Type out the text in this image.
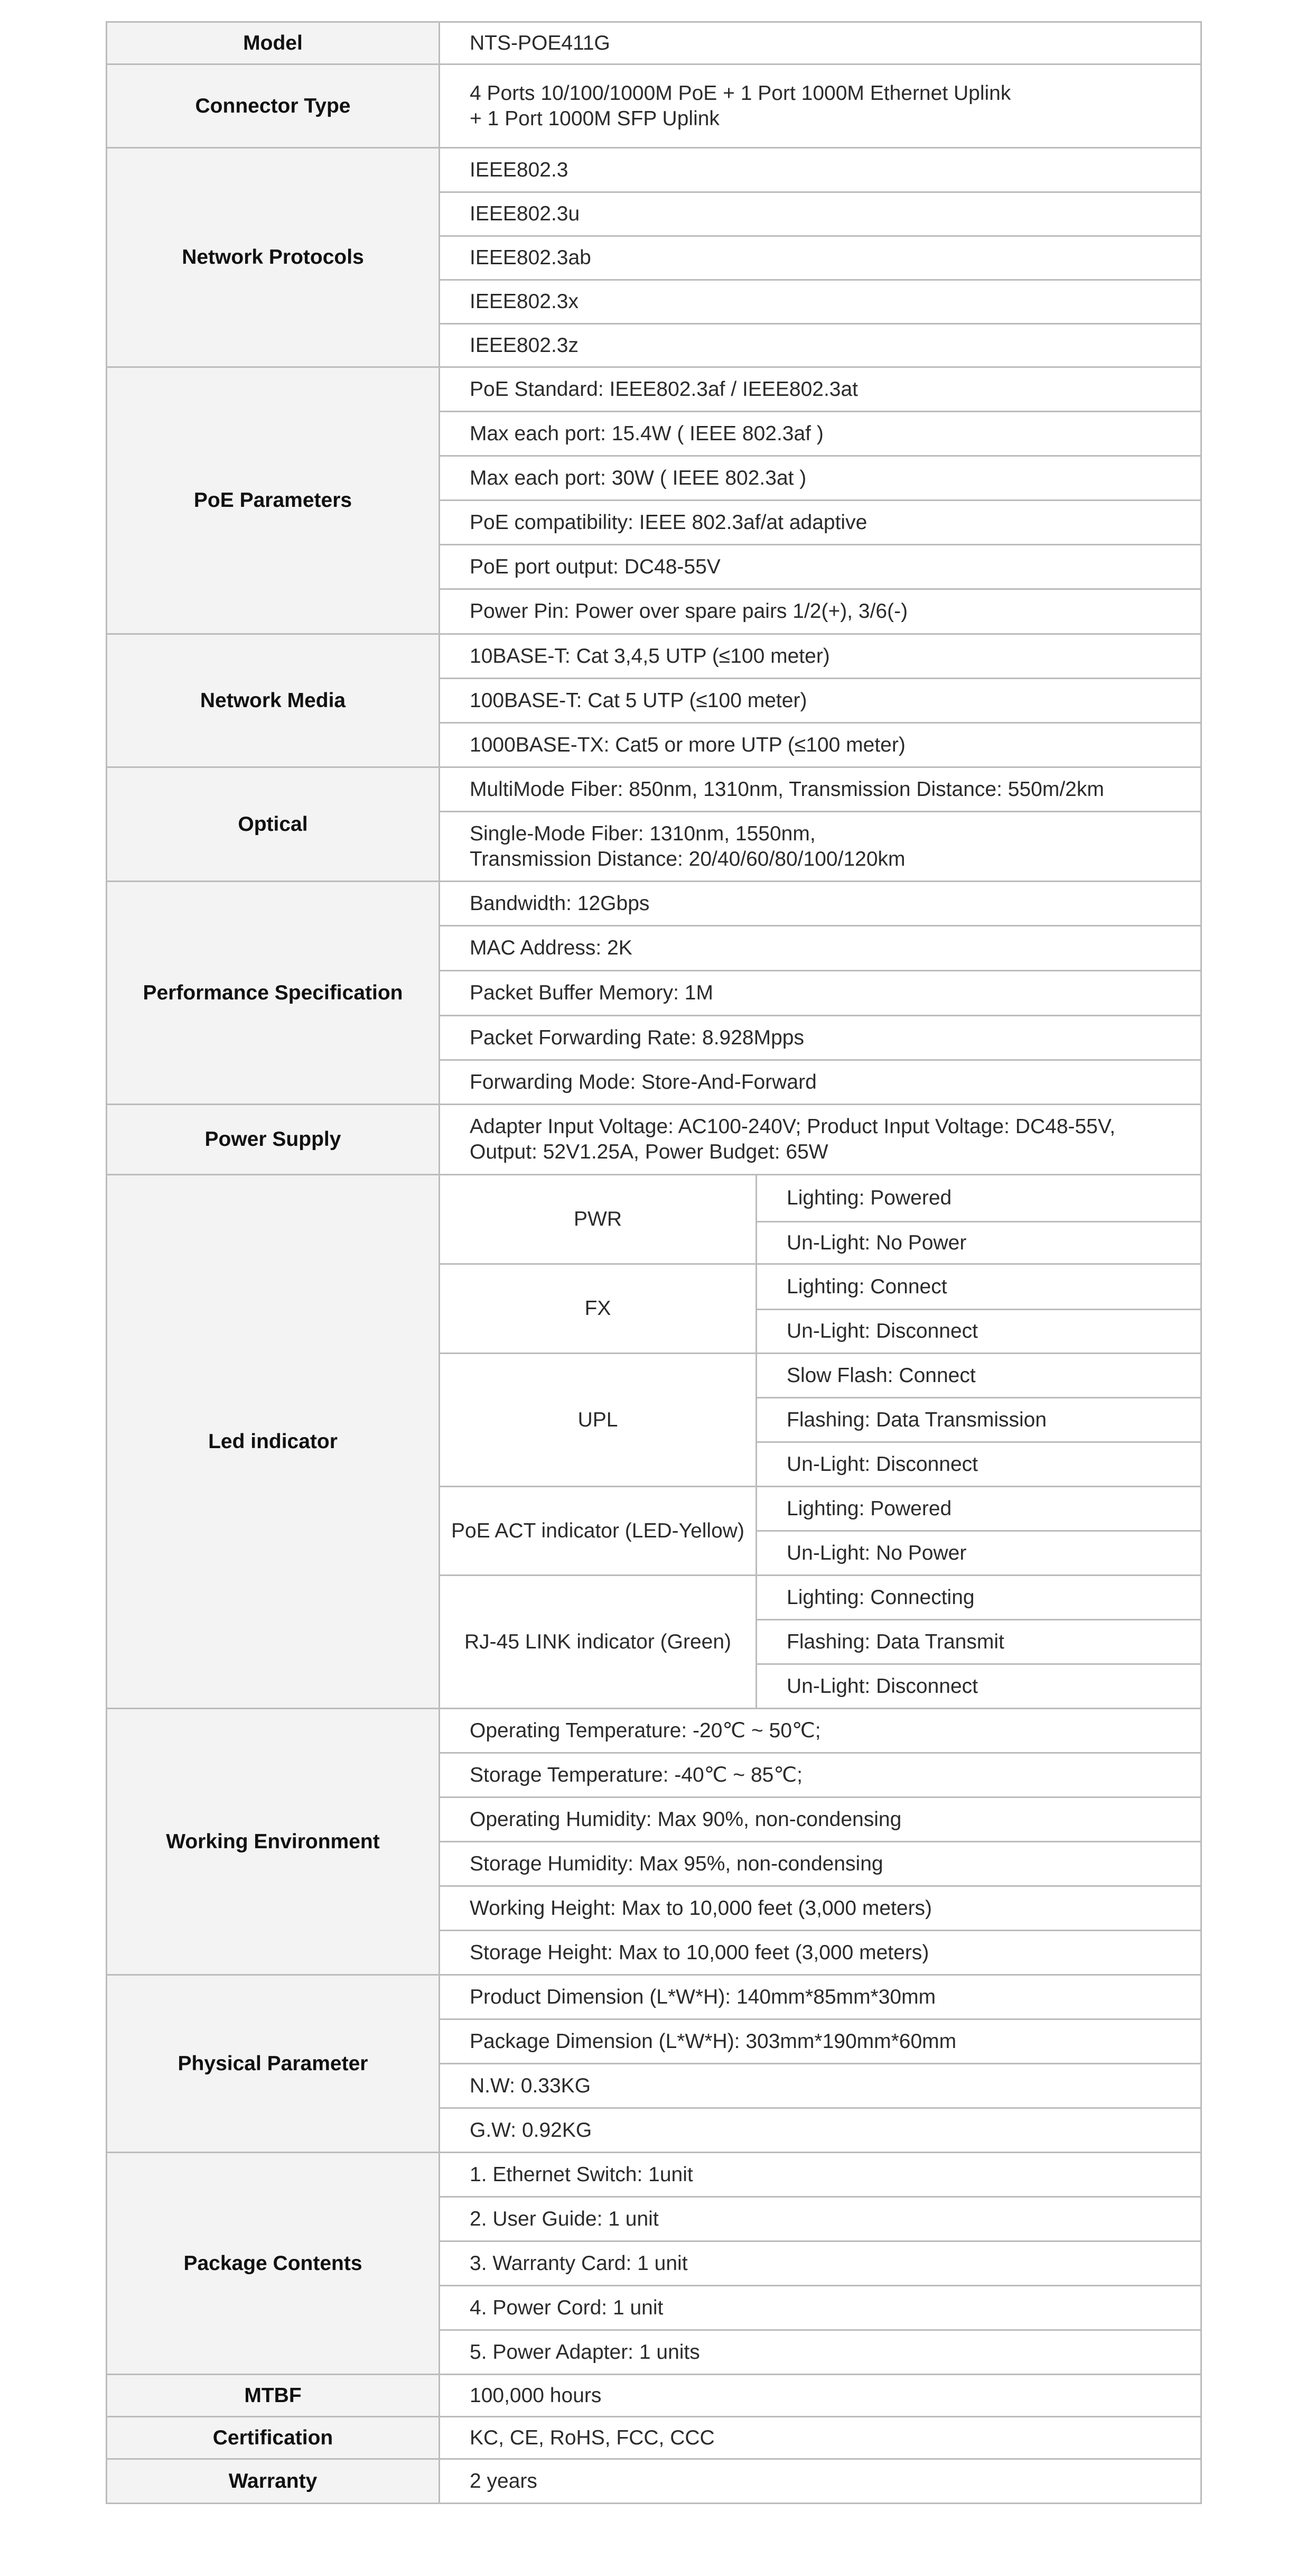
Model	NTS-POE411G	
Connector Type	4 Ports 10/100/1000M PoE + 1 Port 1000M Ethernet Uplink
+ 1 Port 1000M SFP Uplink	

Network Protocols	IEEE802.3	
	IEEE802.3u	
	IEEE802.3ab	
	IEEE802.3x	
	IEEE802.3z	
PoE Parameters	PoE Standard: IEEE802.3af / IEEE802.3at	
	Max each port: 15.4W ( IEEE 802.3af )	
	Max each port: 30W ( IEEE 802.3at )	
	PoE compatibility: IEEE 802.3af/at adaptive	
	PoE port output: DC48-55V	
	Power Pin: Power over spare pairs 1/2(+), 3/6(-)	
Network Media	10BASE-T: Cat 3,4,5 UTP (≤100 meter)	
	100BASE-T: Cat 5 UTP (≤100 meter)	
	1000BASE-TX: Cat5 or more UTP (≤100 meter)	
Optical	MultiMode Fiber: 850nm, 1310nm, Transmission Distance: 550m/2km	

	Single-Mode Fiber: 1310nm, 1550nm,
Transmission Distance: 20/40/60/80/100/120km	

Performance Specification	Bandwidth: 12Gbps	
	MAC Address: 2K	
	Packet Buffer Memory: 1M	
	Packet Forwarding Rate: 8.928Mpps	
	Forwarding Mode: Store-And-Forward	
Power Supply	Adapter Input Voltage: AC100-240V; Product Input Voltage: DC48-55V,
Output: 52V1.25A, Power Budget: 65W	

Led indicator	PWR	Lighting: Powered
		Un-Light: No Power
	FX	Lighting: Connect
		Un-Light: Disconnect
	UPL	Slow Flash: Connect
		Flashing: Data Transmission
		Un-Light: Disconnect
	PoE ACT indicator (LED-Yellow)	Lighting: Powered
		Un-Light: No Power
	RJ-45 LINK indicator (Green)	Lighting: Connecting
		Flashing: Data Transmit
		Un-Light: Disconnect
Working Environment	Operating Temperature: -20℃ ~ 50℃;	
	Storage Temperature: -40℃ ~ 85℃;	
	Operating Humidity: Max 90%, non-condensing	
	Storage Humidity: Max 95%, non-condensing	
	Working Height: Max to 10,000 feet (3,000 meters)	
	Storage Height: Max to 10,000 feet (3,000 meters)	
Physical Parameter	Product Dimension (L*W*H): 140mm*85mm*30mm	
	Package Dimension (L*W*H): 303mm*190mm*60mm	
	N.W: 0.33KG	
	G.W: 0.92KG	
Package Contents	1. Ethernet Switch: 1unit	
	2. User Guide: 1 unit	
	3. Warranty Card: 1 unit	
	4. Power Cord: 1 unit	
	5. Power Adapter: 1 units	
MTBF	100,000 hours	
Certification	KC, CE, RoHS, FCC, CCC	
Warranty	2 years	
